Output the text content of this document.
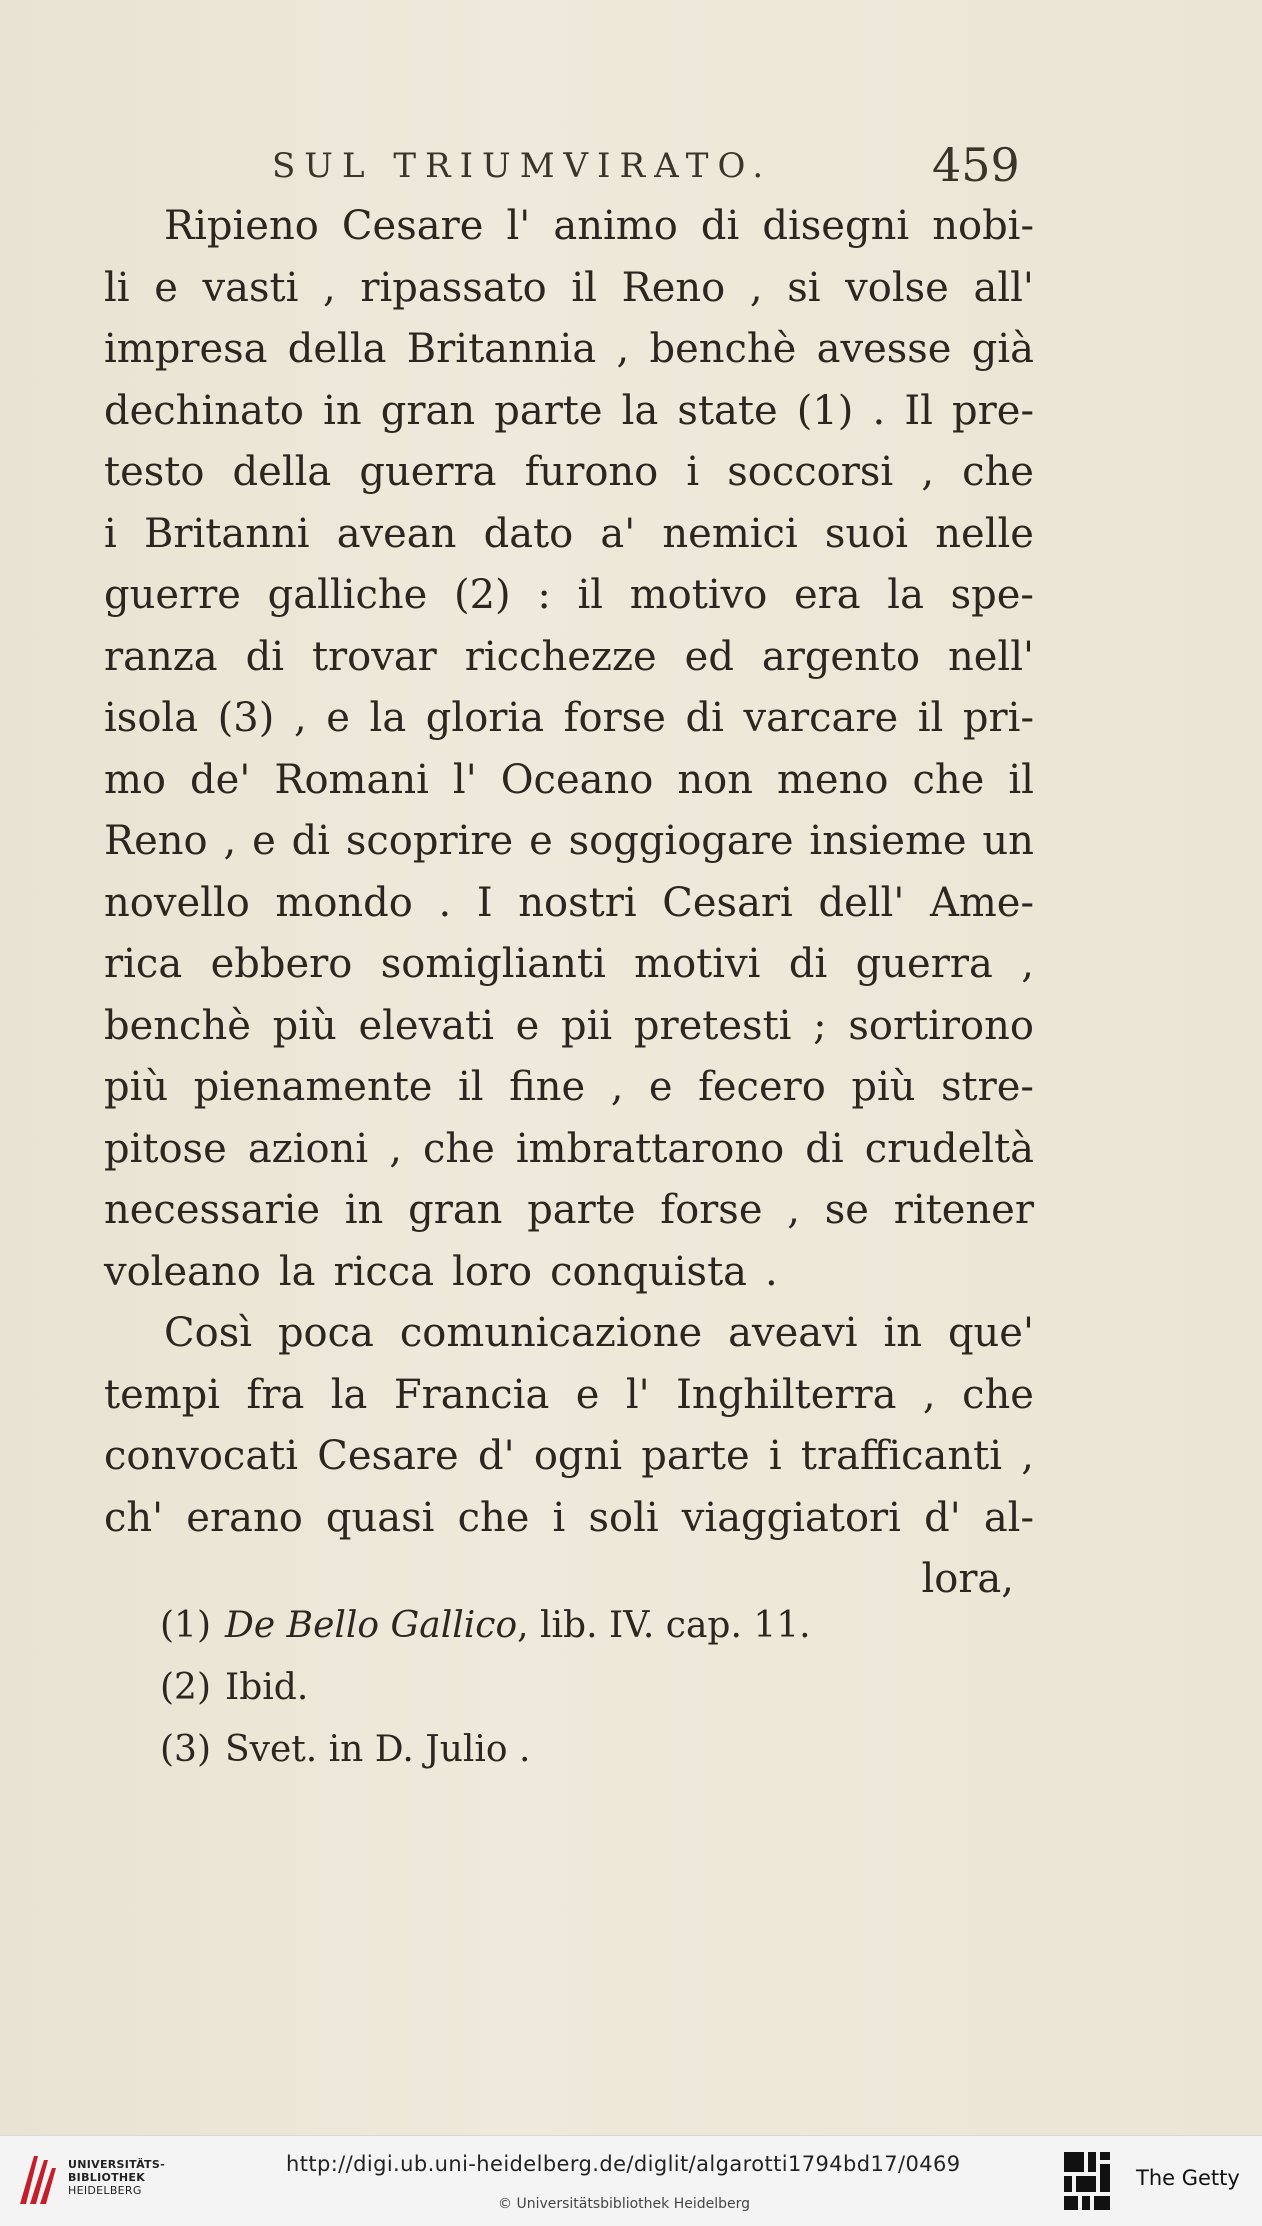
SUL TRIUMVIRATO.	459
Ripieno Cesare l' animo di disegni nobi-
li e vasti , ripassato il Reno , si volse all'
impresa della Britannia , benchè avesse già
dechinato in gran parte la state (1) . Il pre-
testo della guerra furono i soccorsi , che
i Britanni avean dato a' nemici suoi nelle
guerre galliche (2) : il motivo era la spe-
ranza di trovar ricchezze ed argento nell'
isola (3) , e la gloria forse di varcare il pri-
mo de' Romani l' Oceano non meno che il
Reno , e di scoprire e soggiogare insieme un
novello mondo . I nostri Cesari dell' Ame-
rica ebbero somiglianti motivi di guerra ,
benchè più elevati e pii pretesti ; sortirono
più pienamente il fine , e fecero più stre-
pitose azioni , che imbrattarono di crudeltà
necessarie in gran parte forse , se ritener
voleano la ricca loro conquista .
Così poca comunicazione aveavi in que'
tempi fra la Francia e l' Inghilterra , che
convocati Cesare d' ogni parte i trafficanti ,
ch' erano quasi che i soli viaggiatori d' al-
lora ,
(1) De Bello Gallico, lib. IV. cap. 11.
(2) Ibid.
(3) Svet. in D. Julio .
UNIVERSITÄTS-
BIBLIOTHEK
HEIDELBERG
http://digi.ub.uni-heidelberg.de/diglit/algarotti1794bd17/0469
© Universitätsbibliothek Heidelberg
The Getty
